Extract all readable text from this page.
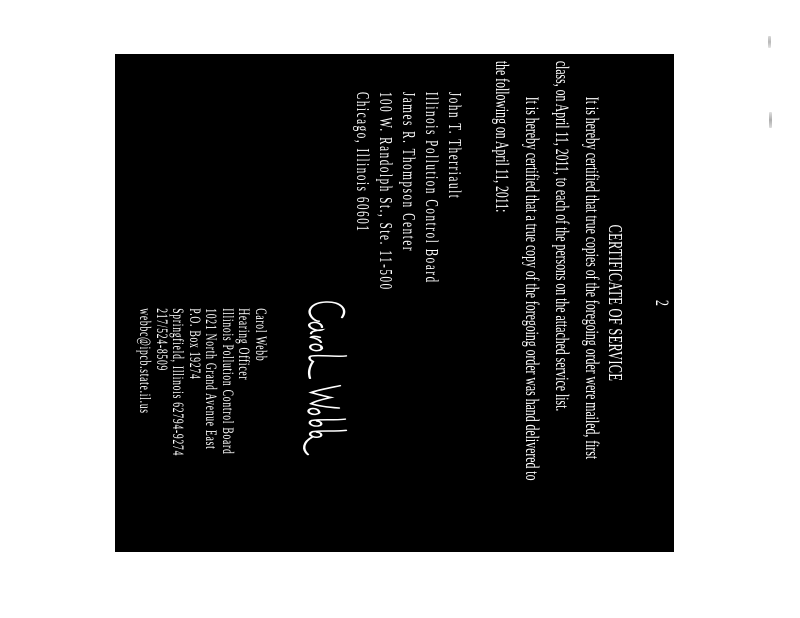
2
CERTIFICATE OF SERVICE
It is hereby certified that true copies of the foregoing order were mailed, first
class, on April 11, 2011, to each of the persons on the attached service list.
It is hereby certified that a true copy of the foregoing order was hand delivered to
the following on April 11, 2011:
John T. Therriault
Illinois Pollution Control Board
James R. Thompson Center
100 W. Randolph St., Ste. 11-500
Chicago, Illinois 60601
Carol Webb
Hearing Officer
Illinois Pollution Control Board
1021 North Grand Avenue East
P.O. Box 19274
Springfield, Illinois 62794-9274
217/524-8509
webbc@ipcb.state.il.us
